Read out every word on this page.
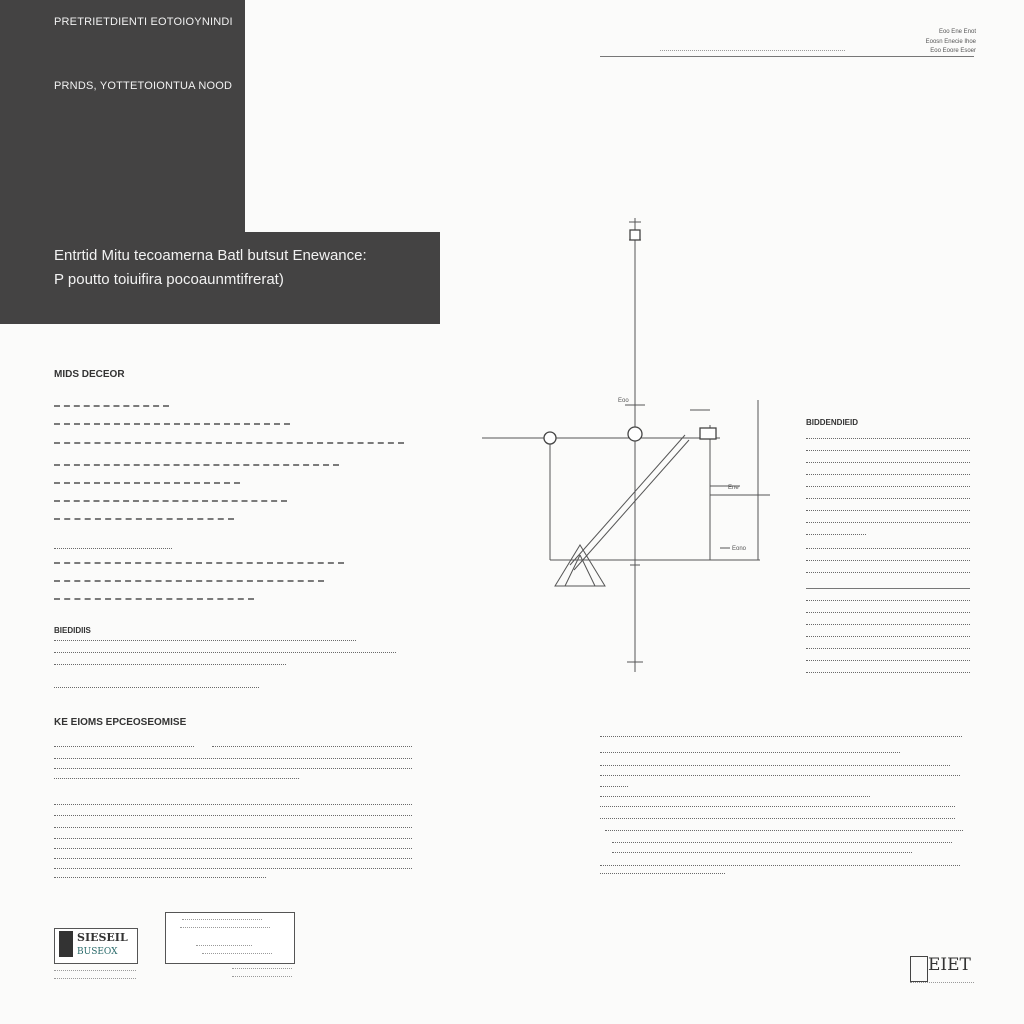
PRETRIETDIENTI EOTOIOYNINDI
PRNDS, YOTTETOIONTUA NOOD
Entrtid Mitu tecoamerna Batl butsut Enewance:
P poutto toiuifira pocoaunmtifrerat)
Eoo Ene Enot
Eoosn Enecie Ihoe
Eoo Eoore Esoer
MIDS DECEOR
BIEDIDIIS
KE EIOMS EPCEOSEOMISE
Eoo
Eono
Ene
BIDDENDIEID
SIESEIL
BUSEOX
EIET
